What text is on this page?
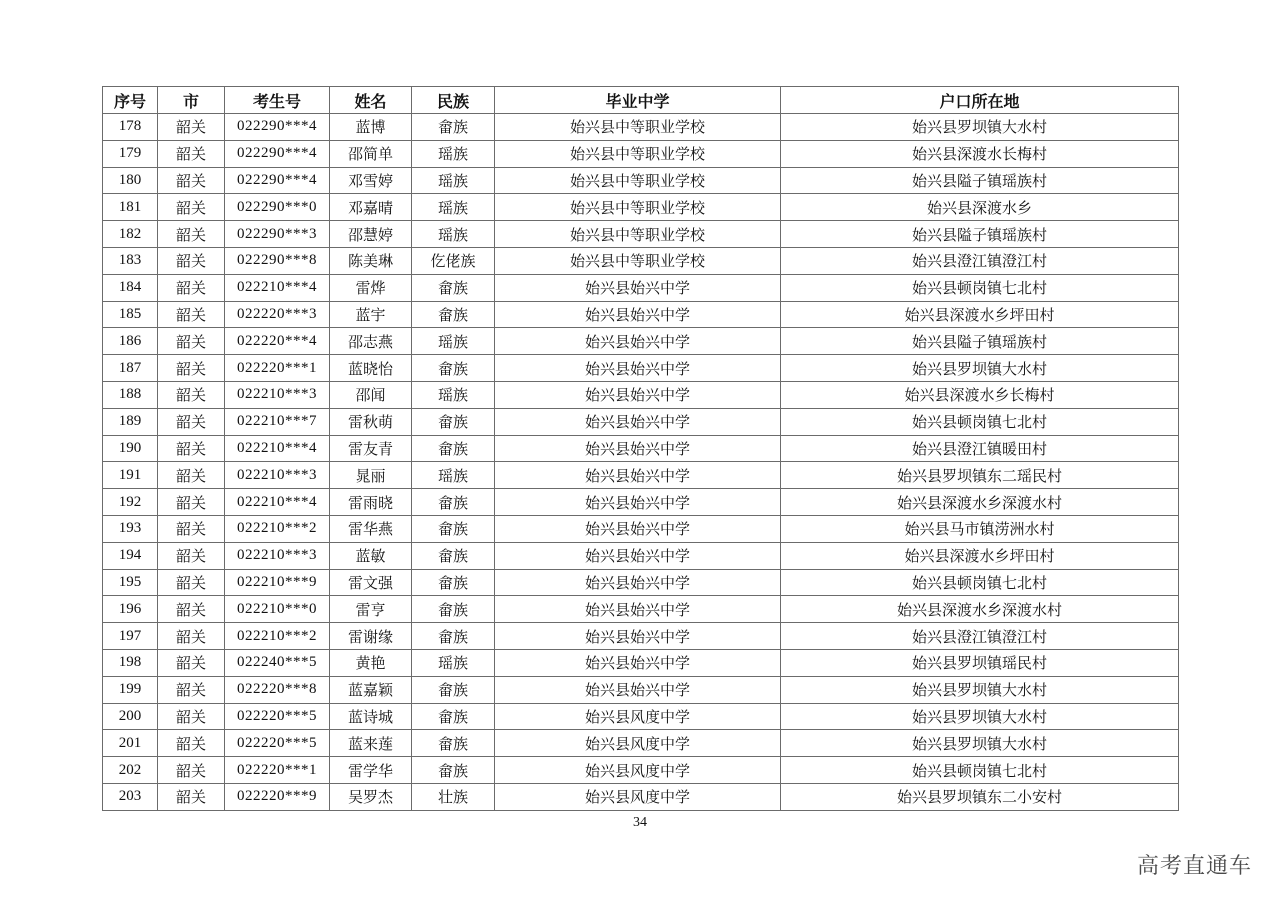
序号	市	考生号	姓名	民族	毕业中学	户口所在地
178	韶关	022290***4	蓝博	畲族	始兴县中等职业学校	始兴县罗坝镇大水村
179	韶关	022290***4	邵简单	瑶族	始兴县中等职业学校	始兴县深渡水长梅村
180	韶关	022290***4	邓雪婷	瑶族	始兴县中等职业学校	始兴县隘子镇瑶族村
181	韶关	022290***0	邓嘉晴	瑶族	始兴县中等职业学校	始兴县深渡水乡
182	韶关	022290***3	邵慧婷	瑶族	始兴县中等职业学校	始兴县隘子镇瑶族村
183	韶关	022290***8	陈美琳	仡佬族	始兴县中等职业学校	始兴县澄江镇澄江村
184	韶关	022210***4	雷烨	畲族	始兴县始兴中学	始兴县顿岗镇七北村
185	韶关	022220***3	蓝宇	畲族	始兴县始兴中学	始兴县深渡水乡坪田村
186	韶关	022220***4	邵志燕	瑶族	始兴县始兴中学	始兴县隘子镇瑶族村
187	韶关	022220***1	蓝晓怡	畲族	始兴县始兴中学	始兴县罗坝镇大水村
188	韶关	022210***3	邵闻	瑶族	始兴县始兴中学	始兴县深渡水乡长梅村
189	韶关	022210***7	雷秋萌	畲族	始兴县始兴中学	始兴县顿岗镇七北村
190	韶关	022210***4	雷友青	畲族	始兴县始兴中学	始兴县澄江镇暖田村
191	韶关	022210***3	晁丽	瑶族	始兴县始兴中学	始兴县罗坝镇东二瑶民村
192	韶关	022210***4	雷雨晓	畲族	始兴县始兴中学	始兴县深渡水乡深渡水村
193	韶关	022210***2	雷华燕	畲族	始兴县始兴中学	始兴县马市镇涝洲水村
194	韶关	022210***3	蓝敏	畲族	始兴县始兴中学	始兴县深渡水乡坪田村
195	韶关	022210***9	雷文强	畲族	始兴县始兴中学	始兴县顿岗镇七北村
196	韶关	022210***0	雷亨	畲族	始兴县始兴中学	始兴县深渡水乡深渡水村
197	韶关	022210***2	雷谢缘	畲族	始兴县始兴中学	始兴县澄江镇澄江村
198	韶关	022240***5	黄艳	瑶族	始兴县始兴中学	始兴县罗坝镇瑶民村
199	韶关	022220***8	蓝嘉颖	畲族	始兴县始兴中学	始兴县罗坝镇大水村
200	韶关	022220***5	蓝诗城	畲族	始兴县风度中学	始兴县罗坝镇大水村
201	韶关	022220***5	蓝来莲	畲族	始兴县风度中学	始兴县罗坝镇大水村
202	韶关	022220***1	雷学华	畲族	始兴县风度中学	始兴县顿岗镇七北村
203	韶关	022220***9	吴罗杰	壮族	始兴县风度中学	始兴县罗坝镇东二小安村
34
高考直通车
